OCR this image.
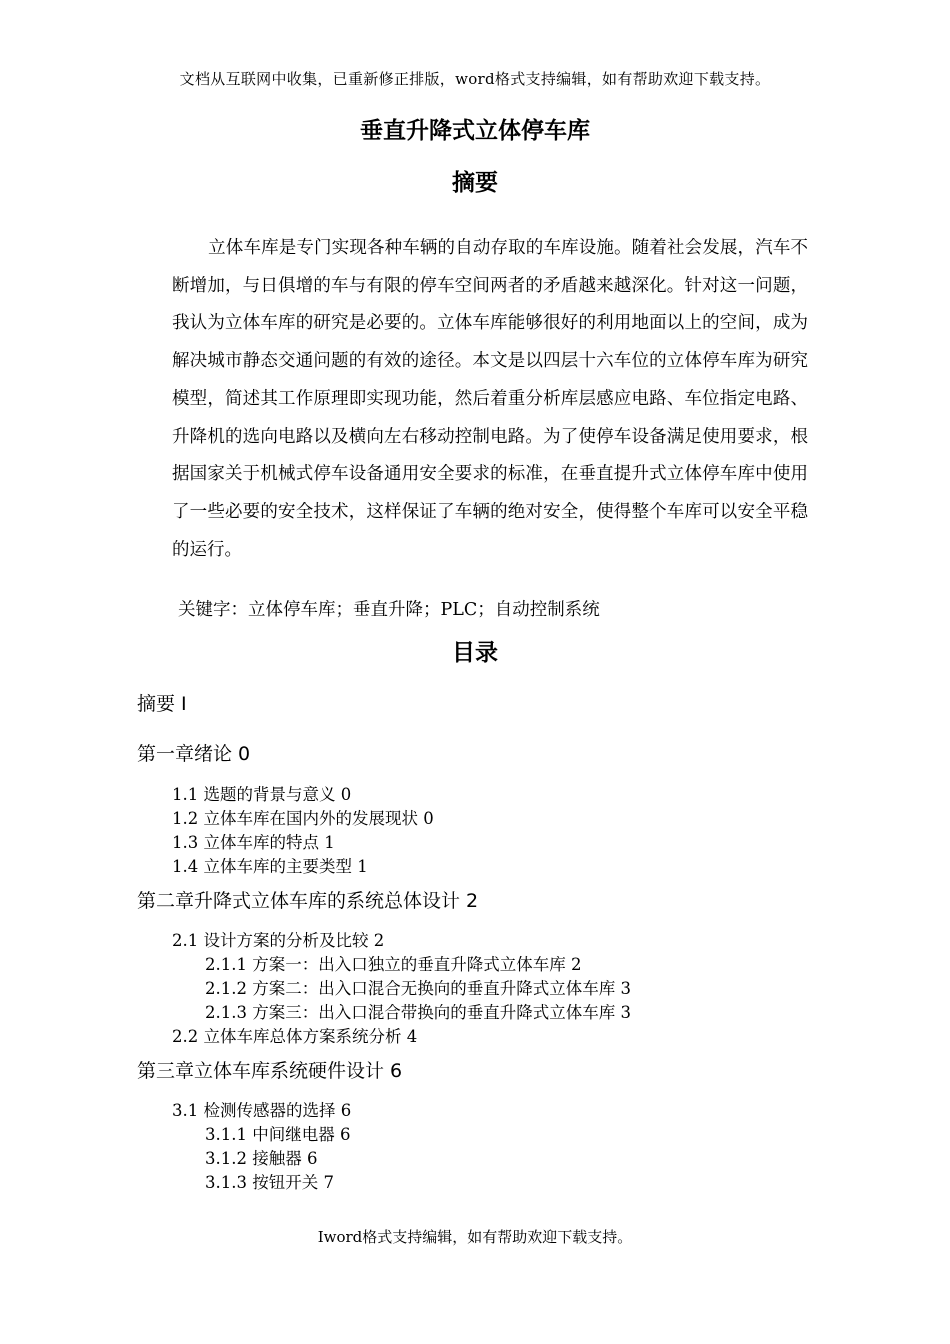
文档从互联网中收集，已重新修正排版，word格式支持编辑，如有帮助欢迎下载支持。
垂直升降式立体停车库
摘要
立体车库是专门实现各种车辆的自动存取的车库设施。随着社会发展，汽车不断增加，与日俱增的车与有限的停车空间两者的矛盾越来越深化。针对这一问题，我认为立体车库的研究是必要的。立体车库能够很好的利用地面以上的空间，成为解决城市静态交通问题的有效的途径。本文是以四层十六车位的立体停车库为研究模型，简述其工作原理即实现功能，然后着重分析库层感应电路、车位指定电路、升降机的选向电路以及横向左右移动控制电路。为了使停车设备满足使用要求，根据国家关于机械式停车设备通用安全要求的标准，在垂直提升式立体停车库中使用了一些必要的安全技术，这样保证了车辆的绝对安全，使得整个车库可以安全平稳的运行。
关键字：立体停车库；垂直升降；PLC；自动控制系统
目录
摘要 I
第一章绪论 0
1.1 选题的背景与意义 0
1.2 立体车库在国内外的发展现状 0
1.3 立体车库的特点 1
1.4 立体车库的主要类型 1
第二章升降式立体车库的系统总体设计 2
2.1 设计方案的分析及比较 2
2.1.1 方案一：出入口独立的垂直升降式立体车库 2
2.1.2 方案二：出入口混合无换向的垂直升降式立体车库 3
2.1.3 方案三：出入口混合带换向的垂直升降式立体车库 3
2.2 立体车库总体方案系统分析 4
第三章立体车库系统硬件设计 6
3.1 检测传感器的选择 6
3.1.1 中间继电器 6
3.1.2 接触器 6
3.1.3 按钮开关 7
Iword格式支持编辑，如有帮助欢迎下载支持。
